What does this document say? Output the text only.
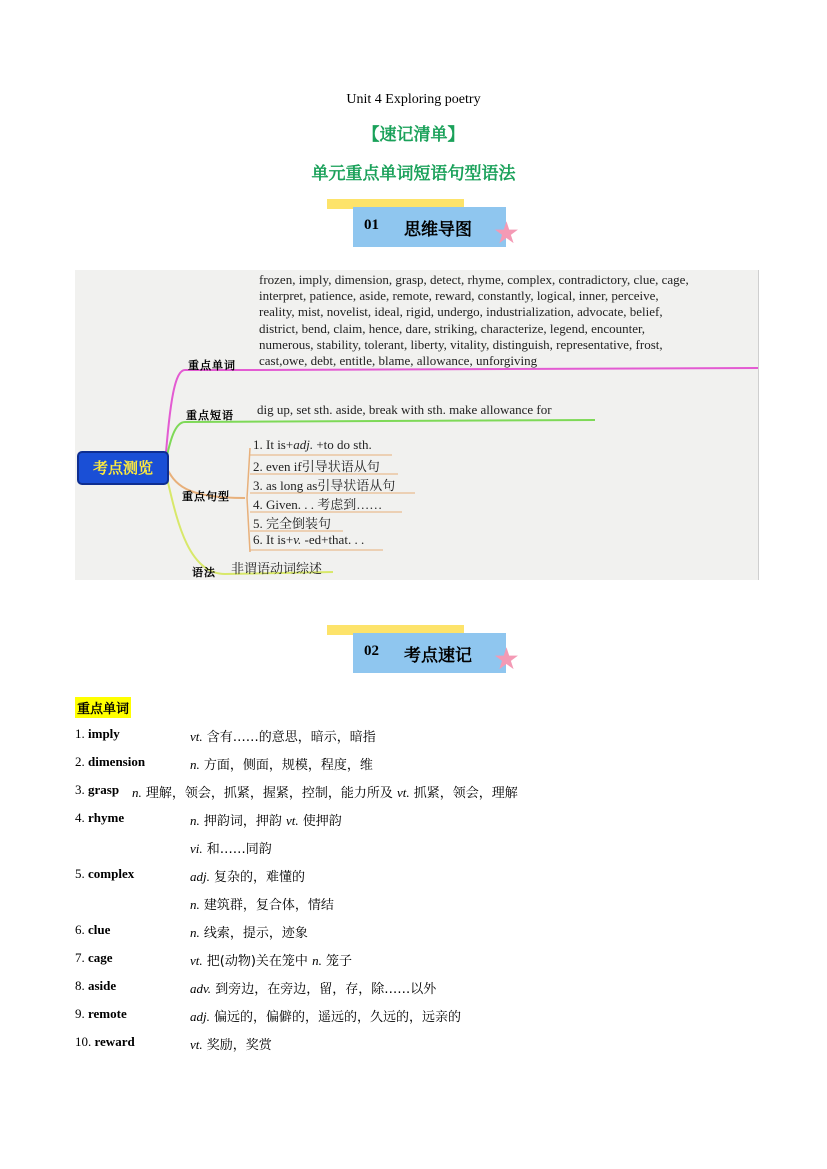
Unit 4 Exploring poetry
【速记清单】
单元重点单词短语句型语法
01 思维导图 ★
考点测览
重点单词
重点短语
重点句型
语法
frozen, imply, dimension, grasp, detect, rhyme, complex, contradictory, clue, cage,
interpret, patience, aside, remote, reward, constantly, logical, inner, perceive,
reality, mist, novelist, ideal, rigid, undergo, industrialization, advocate, belief,
district, bend, claim, hence, dare, striking, characterize, legend, encounter,
numerous, stability, tolerant, liberty, vitality, distinguish, representative, frost,
cast,owe, debt, entitle, blame, allowance, unforgiving
dig up, set sth. aside, break with sth. make allowance for
1. It is+adj. +to do sth.
2. even if引导状语从句
3. as long as引导状语从句
4. Given. . . 考虑到……
5. 完全倒装句
6. It is+v. -ed+that. . .
非谓语动词综述
02 考点速记 ★
重点单词
1. imply	vt. 含有……的意思，暗示，暗指
2. dimension	n. 方面，侧面，规模，程度，维
3. grasp n. 理解，领会，抓紧，握紧，控制，能力所及 vt. 抓紧，领会，理解
4. rhyme	n. 押韵词，押韵 vt. 使押韵
vi. 和……同韵
5. complex	adj. 复杂的，难懂的
n. 建筑群，复合体，情结
6. clue	n. 线索，提示，迹象
7. cage	vt. 把(动物)关在笼中 n. 笼子
8. aside	adv. 到旁边，在旁边，留，存，除……以外
9. remote	adj. 偏远的，偏僻的，遥远的，久远的，远亲的
10. reward	vt. 奖励，奖赏
